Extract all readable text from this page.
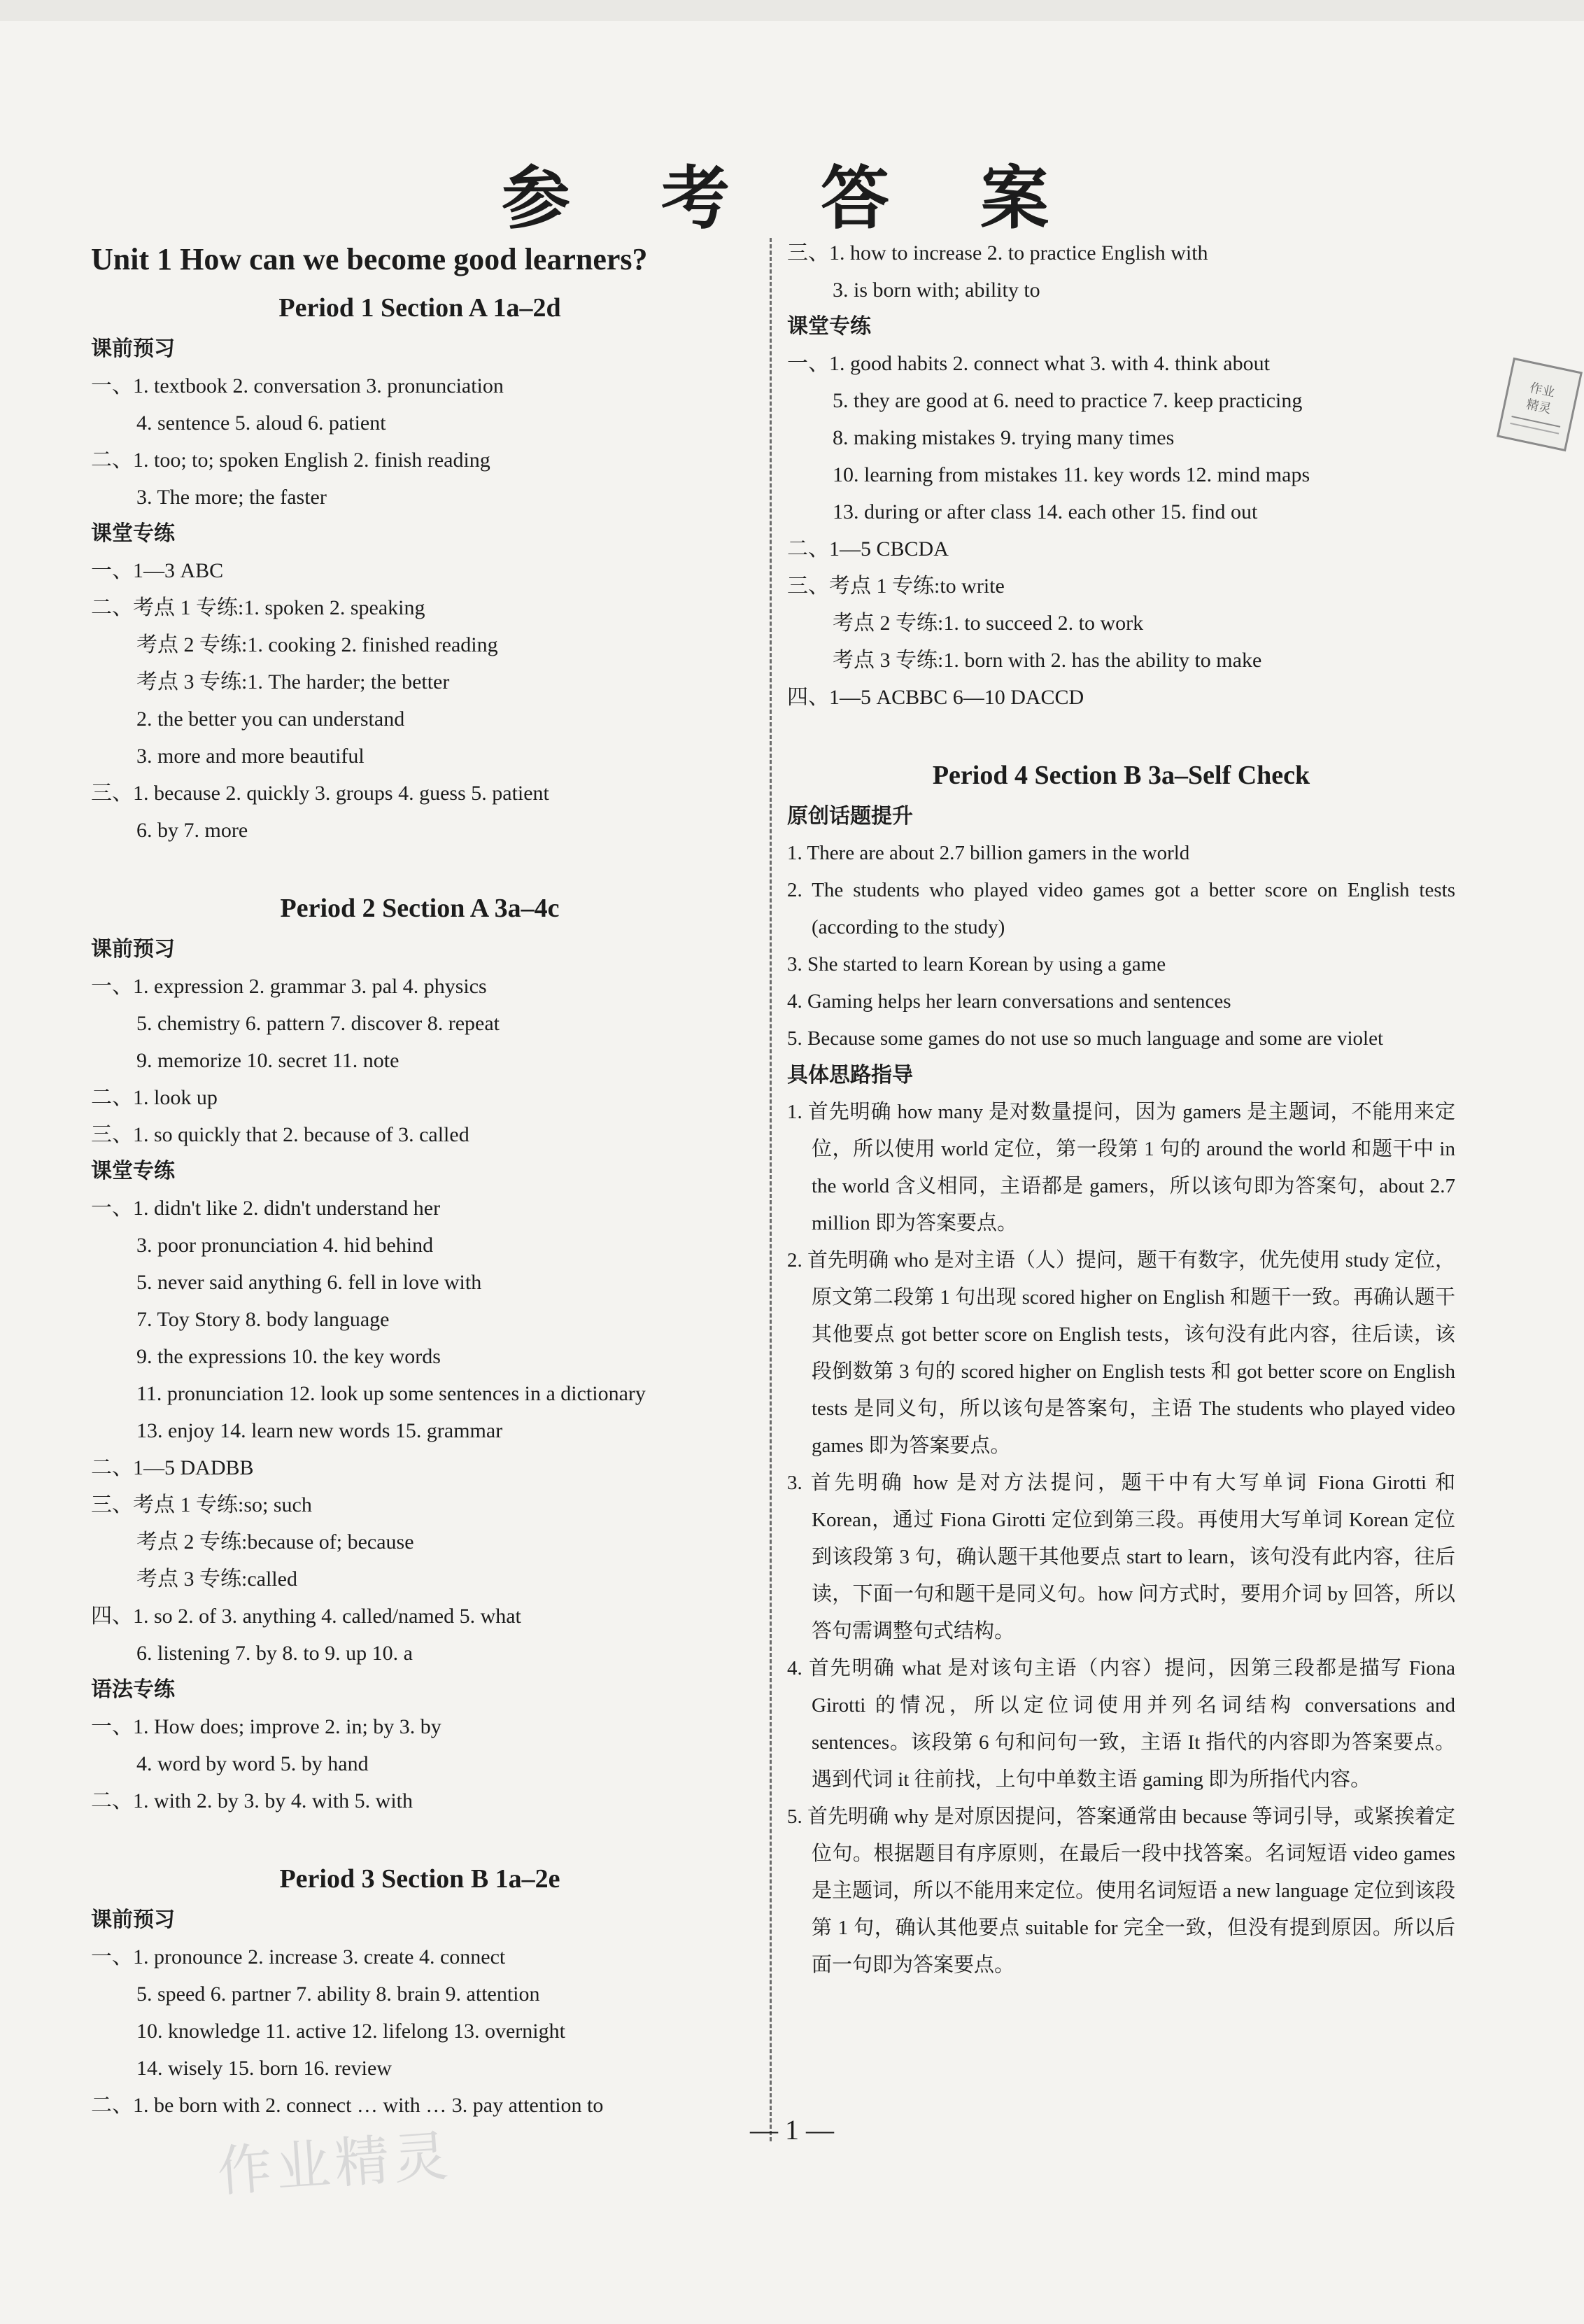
参 考 答 案
作业
精灵
Unit 1 How can we become good learners?
Period 1 Section A 1a–2d
课前预习
一、1. textbook 2. conversation 3. pronunciation
4. sentence 5. aloud 6. patient
二、1. too; to; spoken English 2. finish reading
3. The more; the faster
课堂专练
一、1—3 ABC
二、考点 1 专练:1. spoken 2. speaking
考点 2 专练:1. cooking 2. finished reading
考点 3 专练:1. The harder; the better
2. the better you can understand
3. more and more beautiful
三、1. because 2. quickly 3. groups 4. guess 5. patient
6. by 7. more
Period 2 Section A 3a–4c
课前预习
一、1. expression 2. grammar 3. pal 4. physics
5. chemistry 6. pattern 7. discover 8. repeat
9. memorize 10. secret 11. note
二、1. look up
三、1. so quickly that 2. because of 3. called
课堂专练
一、1. didn't like 2. didn't understand her
3. poor pronunciation 4. hid behind
5. never said anything 6. fell in love with
7. Toy Story 8. body language
9. the expressions 10. the key words
11. pronunciation 12. look up some sentences in a dictionary
13. enjoy 14. learn new words 15. grammar
二、1—5 DADBB
三、考点 1 专练:so; such
考点 2 专练:because of; because
考点 3 专练:called
四、1. so 2. of 3. anything 4. called/named 5. what
6. listening 7. by 8. to 9. up 10. a
语法专练
一、1. How does; improve 2. in; by 3. by
4. word by word 5. by hand
二、1. with 2. by 3. by 4. with 5. with
Period 3 Section B 1a–2e
课前预习
一、1. pronounce 2. increase 3. create 4. connect
5. speed 6. partner 7. ability 8. brain 9. attention
10. knowledge 11. active 12. lifelong 13. overnight
14. wisely 15. born 16. review
二、1. be born with 2. connect … with … 3. pay attention to
三、1. how to increase 2. to practice English with
3. is born with; ability to
课堂专练
一、1. good habits 2. connect what 3. with 4. think about
5. they are good at 6. need to practice 7. keep practicing
8. making mistakes 9. trying many times
10. learning from mistakes 11. key words 12. mind maps
13. during or after class 14. each other 15. find out
二、1—5 CBCDA
三、考点 1 专练:to write
考点 2 专练:1. to succeed 2. to work
考点 3 专练:1. born with 2. has the ability to make
四、1—5 ACBBC 6—10 DACCD
Period 4 Section B 3a–Self Check
原创话题提升
1. There are about 2.7 billion gamers in the world
2. The students who played video games got a better score on English tests (according to the study)
3. She started to learn Korean by using a game
4. Gaming helps her learn conversations and sentences
5. Because some games do not use so much language and some are violet
具体思路指导
1. 首先明确 how many 是对数量提问，因为 gamers 是主题词，不能用来定位，所以使用 world 定位，第一段第 1 句的 around the world 和题干中 in the world 含义相同，主语都是 gamers，所以该句即为答案句，about 2.7 million 即为答案要点。
2. 首先明确 who 是对主语（人）提问，题干有数字，优先使用 study 定位，原文第二段第 1 句出现 scored higher on English 和题干一致。再确认题干其他要点 got better score on English tests，该句没有此内容，往后读，该段倒数第 3 句的 scored higher on English tests 和 got better score on English tests 是同义句，所以该句是答案句，主语 The students who played video games 即为答案要点。
3. 首先明确 how 是对方法提问，题干中有大写单词 Fiona Girotti 和 Korean，通过 Fiona Girotti 定位到第三段。再使用大写单词 Korean 定位到该段第 3 句，确认题干其他要点 start to learn，该句没有此内容，往后读，下面一句和题干是同义句。how 问方式时，要用介词 by 回答，所以答句需调整句式结构。
4. 首先明确 what 是对该句主语（内容）提问，因第三段都是描写 Fiona Girotti 的情况，所以定位词使用并列名词结构 conversations and sentences。该段第 6 句和问句一致，主语 It 指代的内容即为答案要点。遇到代词 it 往前找，上句中单数主语 gaming 即为所指代内容。
5. 首先明确 why 是对原因提问，答案通常由 because 等词引导，或紧挨着定位句。根据题目有序原则，在最后一段中找答案。名词短语 video games 是主题词，所以不能用来定位。使用名词短语 a new language 定位到该段第 1 句，确认其他要点 suitable for 完全一致，但没有提到原因。所以后面一句即为答案要点。
作业精灵	— 1 —
